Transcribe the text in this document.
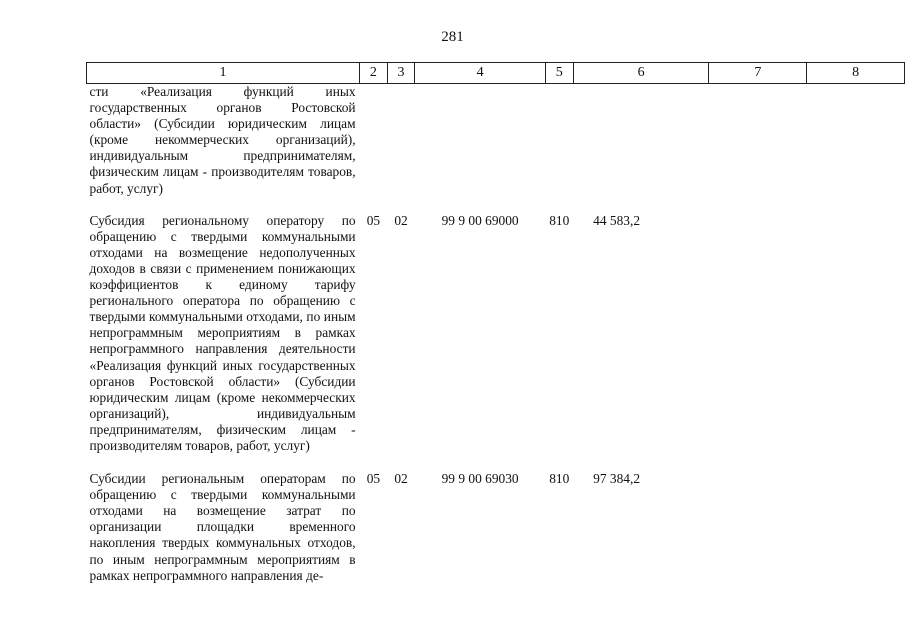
281
1	2	3	4	5	6	7	8
сти «Реализация функций иных государственных органов Ростовской области» (Субсидии юридическим лицам (кроме некоммерческих организаций), индивидуальным предпринимателям, физическим лицам - производителям товаров, работ, услуг)							
Субсидия региональному оператору по обращению с твердыми коммунальными отходами на возмещение недополученных доходов в связи с применением понижающих коэффициентов к единому тарифу регионального оператора по обращению с твердыми коммунальными отходами, по иным непрограммным мероприятиям в рамках непрограммного направления деятельности «Реализация функций иных государственных органов Ростовской области» (Субсидии юридическим лицам (кроме некоммерческих организаций), индивидуальным предпринимателям, физическим лицам - производителям товаров, работ, услуг)	05	02	99 9 00 69000	810	44 583,2		
Субсидии региональным операторам по обращению с твердыми коммунальными отходами на возмещение затрат по организации площадки временного накопления твердых коммунальных отходов, по иным непрограммным мероприятиям в рамках непрограммного направления де-	05	02	99 9 00 69030	810	97 384,2		
